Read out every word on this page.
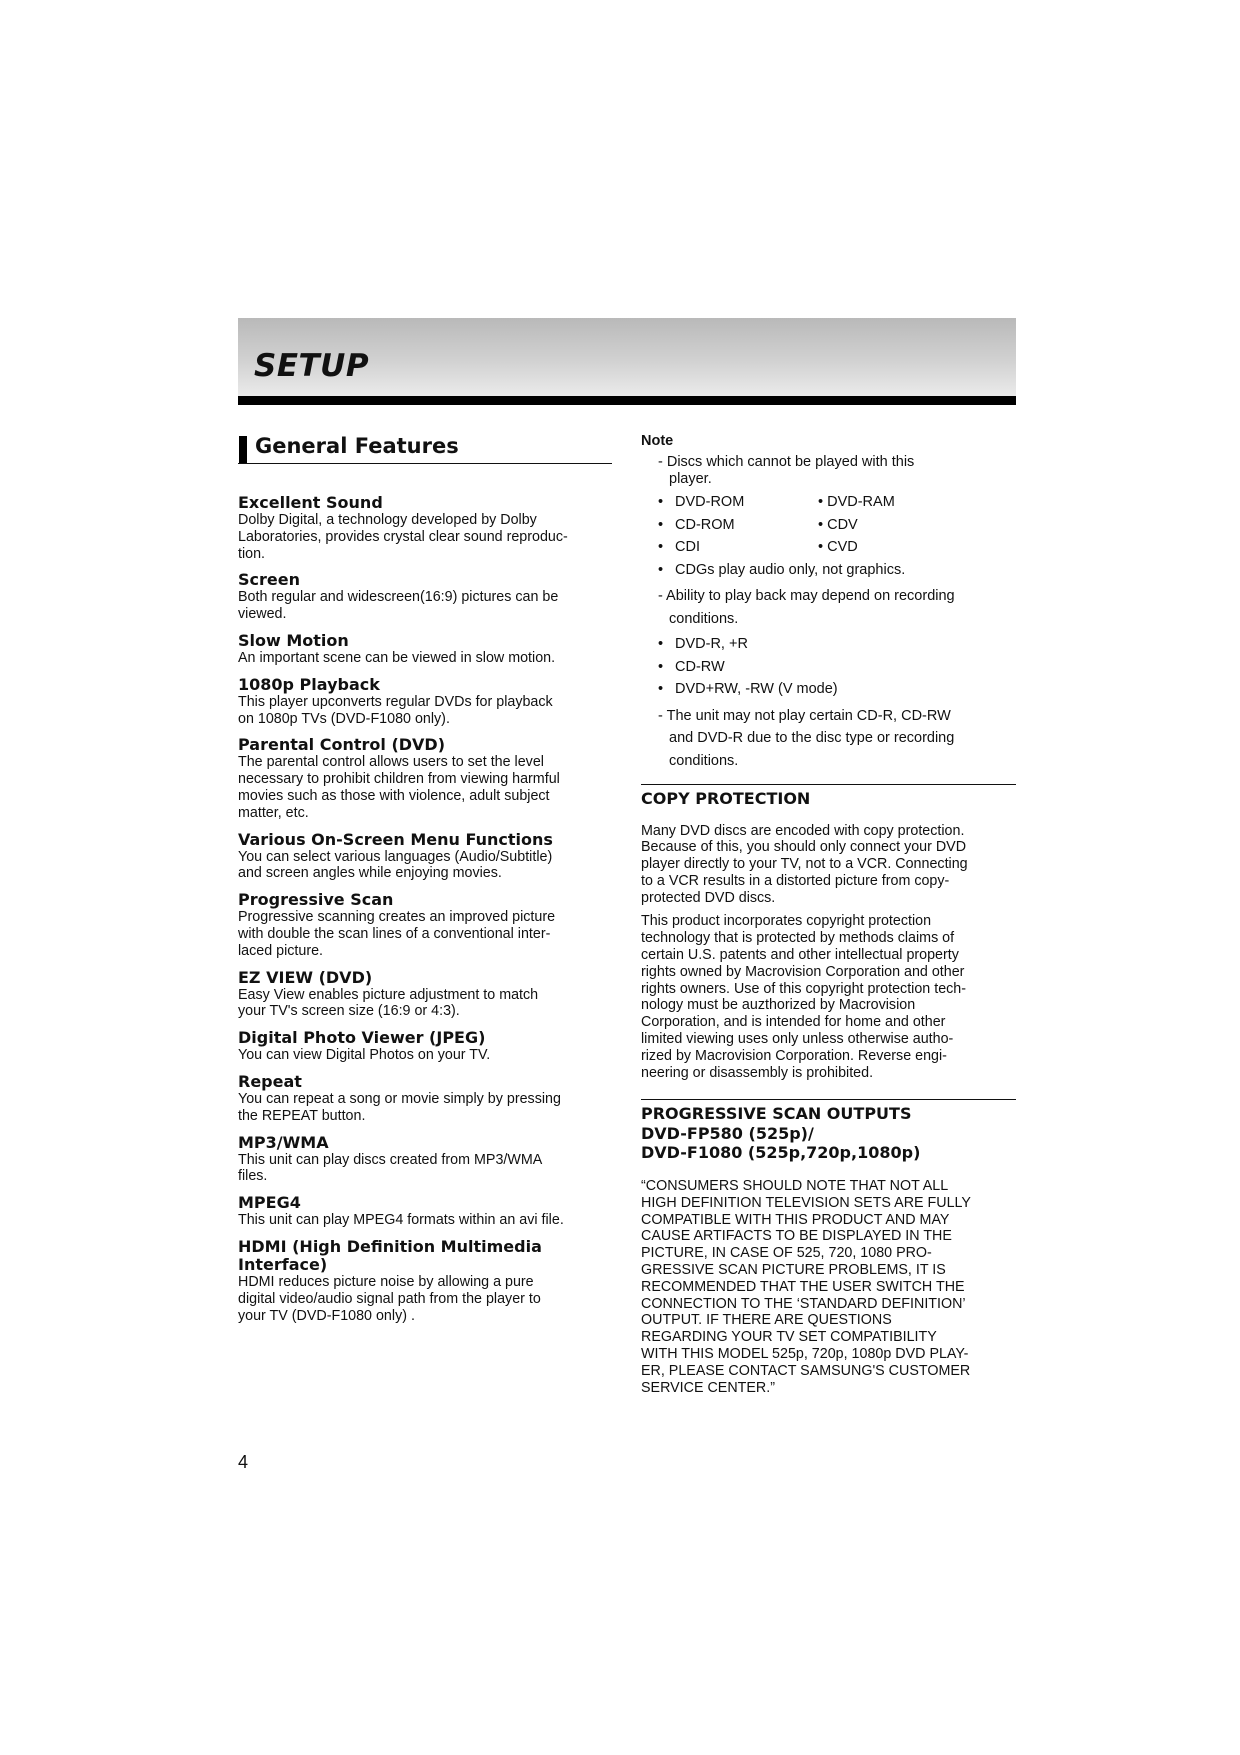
SETUP
General Features
Excellent Sound

Dolby Digital, a technology developed by Dolby
Laboratories, provides crystal clear sound reproduc-
tion.

Screen

Both regular and widescreen(16:9) pictures can be
viewed.

Slow Motion

An important scene can be viewed in slow motion.

1080p Playback

This player upconverts regular DVDs for playback
on 1080p TVs (DVD-F1080 only).

Parental Control (DVD)

The parental control allows users to set the level
necessary to prohibit children from viewing harmful
movies such as those with violence, adult subject
matter, etc.

Various On-Screen Menu Functions

You can select various languages (Audio/Subtitle)
and screen angles while enjoying movies.

Progressive Scan

Progressive scanning creates an improved picture
with double the scan lines of a conventional inter-
laced picture.

EZ VIEW (DVD)

Easy View enables picture adjustment to match
your TV's screen size (16:9 or 4:3).

Digital Photo Viewer (JPEG)

You can view Digital Photos on your TV.

Repeat

You can repeat a song or movie simply by pressing
the REPEAT button.

MP3/WMA

This unit can play discs created from MP3/WMA
files.

MPEG4

This unit can play MPEG4 formats within an avi file.

HDMI (High Definition Multimedia Interface)

HDMI reduces picture noise by allowing a pure
digital video/audio signal path from the player to
your TV (DVD-F1080 only) .

Note

- Discs which cannot be played with this
player.

• DVD-ROM	• DVD-RAM
• CD-ROM	• CDV
• CDI	• CVD
• CDGs play audio only, not graphics.

- Ability to play back may depend on recording
conditions.

• DVD-R, +R
• CD-RW
• DVD+RW, -RW (V mode)

- The unit may not play certain CD-R, CD-RW
and DVD-R due to the disc type or recording
conditions.

COPY PROTECTION

Many DVD discs are encoded with copy protection.
Because of this, you should only connect your DVD
player directly to your TV, not to a VCR. Connecting
to a VCR results in a distorted picture from copy-
protected DVD discs.

This product incorporates copyright protection
technology that is protected by methods claims of
certain U.S. patents and other intellectual property
rights owned by Macrovision Corporation and other
rights owners. Use of this copyright protection tech-
nology must be auzthorized by Macrovision
Corporation, and is intended for home and other
limited viewing uses only unless otherwise autho-
rized by Macrovision Corporation. Reverse engi-
neering or disassembly is prohibited.

PROGRESSIVE SCAN OUTPUTS
DVD-FP580 (525p)/
DVD-F1080 (525p,720p,1080p)

“CONSUMERS SHOULD NOTE THAT NOT ALL
HIGH DEFINITION TELEVISION SETS ARE FULLY
COMPATIBLE WITH THIS PRODUCT AND MAY
CAUSE ARTIFACTS TO BE DISPLAYED IN THE
PICTURE, IN CASE OF 525, 720, 1080 PRO-
GRESSIVE SCAN PICTURE PROBLEMS, IT IS
RECOMMENDED THAT THE USER SWITCH THE
CONNECTION TO THE ‘STANDARD DEFINITION’
OUTPUT. IF THERE ARE QUESTIONS
REGARDING YOUR TV SET COMPATIBILITY
WITH THIS MODEL 525p, 720p, 1080p DVD PLAY-
ER, PLEASE CONTACT SAMSUNG'S CUSTOMER
SERVICE CENTER.”

4
